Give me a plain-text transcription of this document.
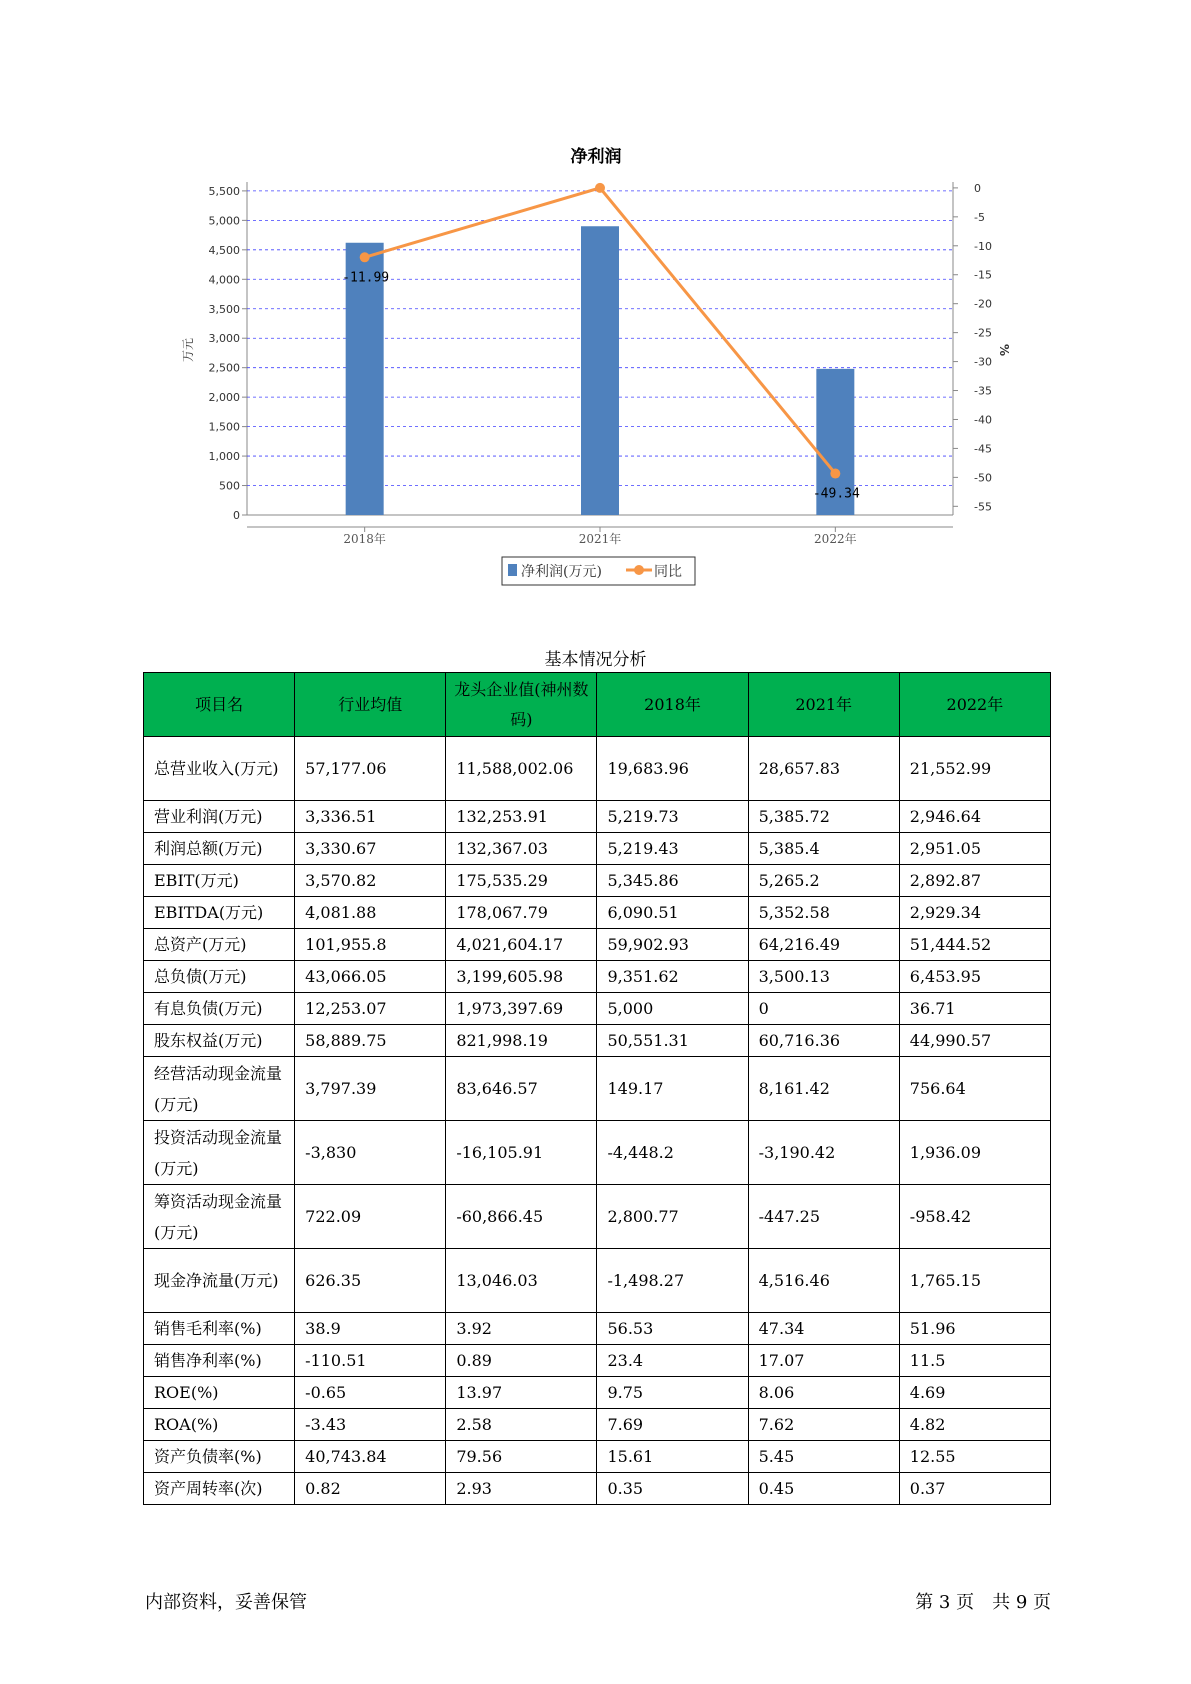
净利润
0
500
1,000
1,500
2,000
2,500
3,000
3,500
4,000
4,500
5,000
5,500	0
-5
-10
-15
-20
-25
-30
-35
-40
-45
-50
-55
-11.99
-49.34
2018年	2021年	2022年
万元	%
净利润(万元)	同比
基本情况分析
项目名	行业均值	龙头企业值(神州数码)	2018年	2021年	2022年
总营业收入(万元)	57,177.06	11,588,002.06	19,683.96	28,657.83	21,552.99
营业利润(万元)	3,336.51	132,253.91	5,219.73	5,385.72	2,946.64
利润总额(万元)	3,330.67	132,367.03	5,219.43	5,385.4	2,951.05
EBIT(万元)	3,570.82	175,535.29	5,345.86	5,265.2	2,892.87
EBITDA(万元)	4,081.88	178,067.79	6,090.51	5,352.58	2,929.34
总资产(万元)	101,955.8	4,021,604.17	59,902.93	64,216.49	51,444.52
总负债(万元)	43,066.05	3,199,605.98	9,351.62	3,500.13	6,453.95
有息负债(万元)	12,253.07	1,973,397.69	5,000	0	36.71
股东权益(万元)	58,889.75	821,998.19	50,551.31	60,716.36	44,990.57
经营活动现金流量(万元)	3,797.39	83,646.57	149.17	8,161.42	756.64
投资活动现金流量(万元)	-3,830	-16,105.91	-4,448.2	-3,190.42	1,936.09
筹资活动现金流量(万元)	722.09	-60,866.45	2,800.77	-447.25	-958.42
现金净流量(万元)	626.35	13,046.03	-1,498.27	4,516.46	1,765.15
销售毛利率(%)	38.9	3.92	56.53	47.34	51.96
销售净利率(%)	-110.51	0.89	23.4	17.07	11.5
ROE(%)	-0.65	13.97	9.75	8.06	4.69
ROA(%)	-3.43	2.58	7.69	7.62	4.82
资产负债率(%)	40,743.84	79.56	15.61	5.45	12.55
资产周转率(次)	0.82	2.93	0.35	0.45	0.37
内部资料，妥善保管	第 3 页　共 9 页
